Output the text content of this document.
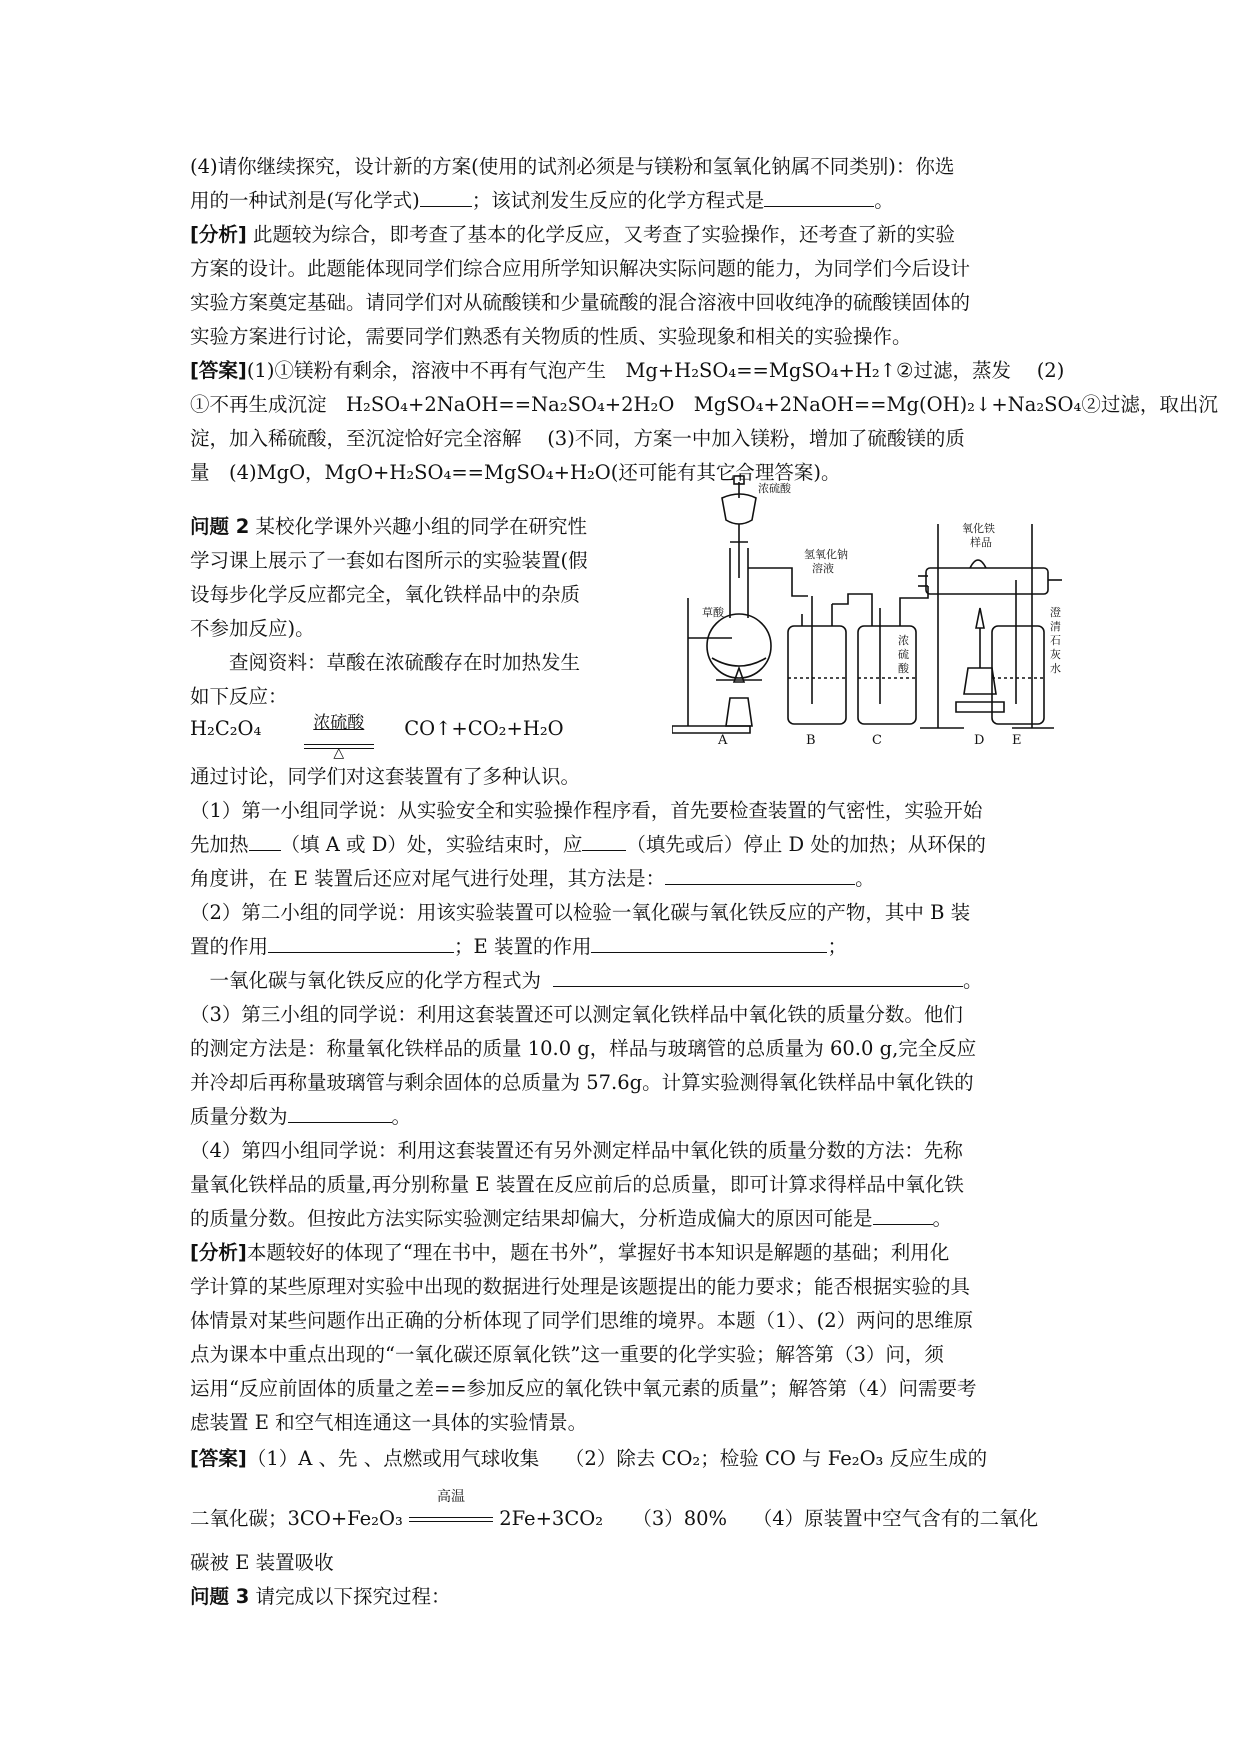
(4)请你继续探究，设计新的方案(使用的试剂必须是与镁粉和氢氧化钠属不同类别)：你选
用的一种试剂是(写化学式)	；该试剂发生反应的化学方程式是	。
[分析] 此题较为综合，即考查了基本的化学反应，又考查了实验操作，还考查了新的实验
方案的设计。此题能体现同学们综合应用所学知识解决实际问题的能力，为同学们今后设计
实验方案奠定基础。请同学们对从硫酸镁和少量硫酸的混合溶液中回收纯净的硫酸镁固体的
实验方案进行讨论，需要同学们熟悉有关物质的性质、实验现象和相关的实验操作。
[答案](1)①镁粉有剩余，溶液中不再有气泡产生　Mg+H₂SO₄==MgSO₄+H₂↑②过滤，蒸发　 (2)
①不再生成沉淀　H₂SO₄+2NaOH==Na₂SO₄+2H₂O　MgSO₄+2NaOH==Mg(OH)₂↓+Na₂SO₄②过滤，取出沉
淀，加入稀硫酸，至沉淀恰好完全溶解　 (3)不同，方案一中加入镁粉，增加了硫酸镁的质
量　(4)MgO，MgO+H₂SO₄==MgSO₄+H₂O(还可能有其它合理答案)。
问题 2 某校化学课外兴趣小组的同学在研究性
学习课上展示了一套如右图所示的实验装置(假
设每步化学反应都完全，氧化铁样品中的杂质
不参加反应)。
　　查阅资料：草酸在浓硫酸存在时加热发生
如下反应：
H₂C₂O₄	浓硫酸
△
CO↑+CO₂+H₂O
浓硫酸
草酸
氢氧化钠
溶液
浓
硫
酸
氧化铁
样品
澄
清
石
灰
水
A	B	C	D E
通过讨论，同学们对这套装置有了多种认识。
（1）第一小组同学说：从实验安全和实验操作程序看，首先要检查装置的气密性，实验开始
先加热 （填 A 或 D）处，实验结束时，应 （填先或后）停止 D 处的加热；从环保的
角度讲，在 E 装置后还应对尾气进行处理，其方法是：	。
（2）第二小组的同学说：用该实验装置可以检验一氧化碳与氧化铁反应的产物，其中 B 装
置的作用	；E 装置的作用	；
　一氧化碳与氧化铁反应的化学方程式为	。
（3）第三小组的同学说：利用这套装置还可以测定氧化铁样品中氧化铁的质量分数。他们
的测定方法是：称量氧化铁样品的质量 10.0 g，样品与玻璃管的总质量为 60.0 g,完全反应
并冷却后再称量玻璃管与剩余固体的总质量为 57.6g。计算实验测得氧化铁样品中氧化铁的
质量分数为	。
（4）第四小组同学说：利用这套装置还有另外测定样品中氧化铁的质量分数的方法：先称
量氧化铁样品的质量,再分别称量 E 装置在反应前后的总质量，即可计算求得样品中氧化铁
的质量分数。但按此方法实际实验测定结果却偏大，分析造成偏大的原因可能是	。
[分析]本题较好的体现了“理在书中，题在书外”，掌握好书本知识是解题的基础；利用化
学计算的某些原理对实验中出现的数据进行处理是该题提出的能力要求；能否根据实验的具
体情景对某些问题作出正确的分析体现了同学们思维的境界。本题（1）、(2）两问的思维原
点为课本中重点出现的“一氧化碳还原氧化铁”这一重要的化学实验；解答第（3）问，须
运用“反应前固体的质量之差==参加反应的氧化铁中氧元素的质量”；解答第（4）问需要考
虑装置 E 和空气相连通这一具体的实验情景。
[答案]（1）A 、先 、点燃或用气球收集　 （2）除去 CO₂；检验 CO 与 Fe₂O₃ 反应生成的
二氧化碳；3CO+Fe₂O₃
高温
2Fe+3CO₂　　（3）80%　 （4）原装置中空气含有的二氧化
碳被 E 装置吸收
问题 3 请完成以下探究过程：
